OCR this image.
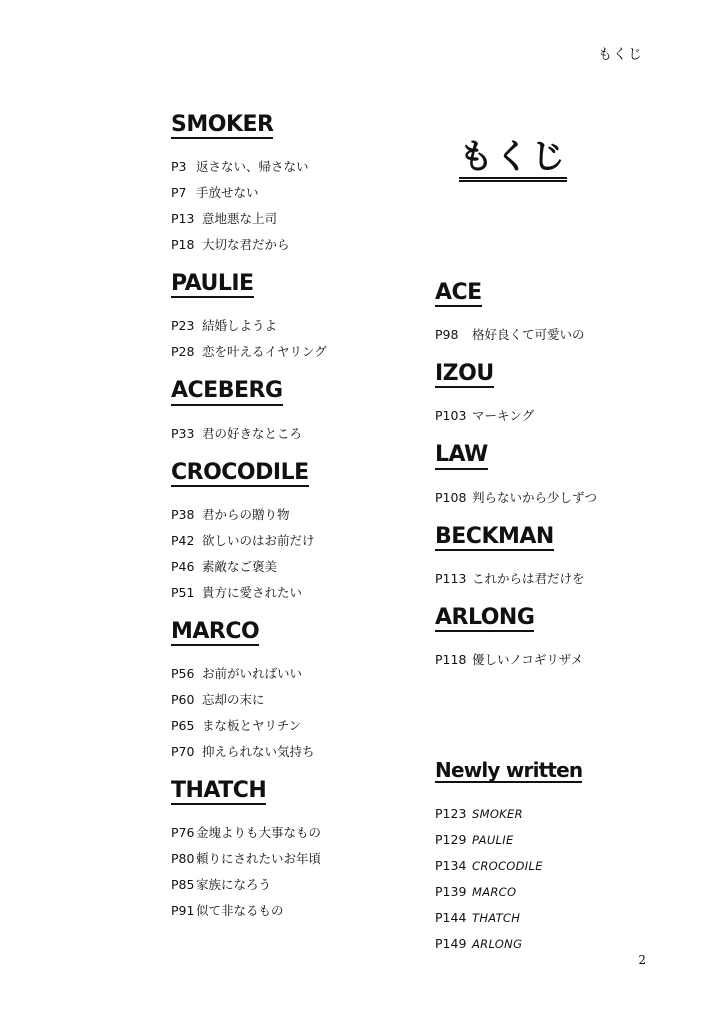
もくじ
もくじ
SMOKER
P3 返さない、帰さない
P7 手放せない
P13 意地悪な上司
P18 大切な君だから
PAULIE
P23 結婚しようよ
P28 恋を叶えるイヤリング
ACEBERG
P33 君の好きなところ
CROCODILE
P38 君からの贈り物
P42 欲しいのはお前だけ
P46 素敵なご褒美
P51 貴方に愛されたい
MARCO
P56 お前がいればいい
P60 忘却の末に
P65 まな板とヤリチン
P70 抑えられない気持ち
THATCH
P76 金塊よりも大事なもの
P80 頼りにされたいお年頃
P85 家族になろう
P91 似て非なるもの
ACE
P98 格好良くて可愛いの
IZOU
P103 マーキング
LAW
P108 判らないから少しずつ
BECKMAN
P113 これからは君だけを
ARLONG
P118 優しいノコギリザメ
Newly written
P123 SMOKER
P129 PAULIE
P134 CROCODILE
P139 MARCO
P144 THATCH
P149 ARLONG
2
